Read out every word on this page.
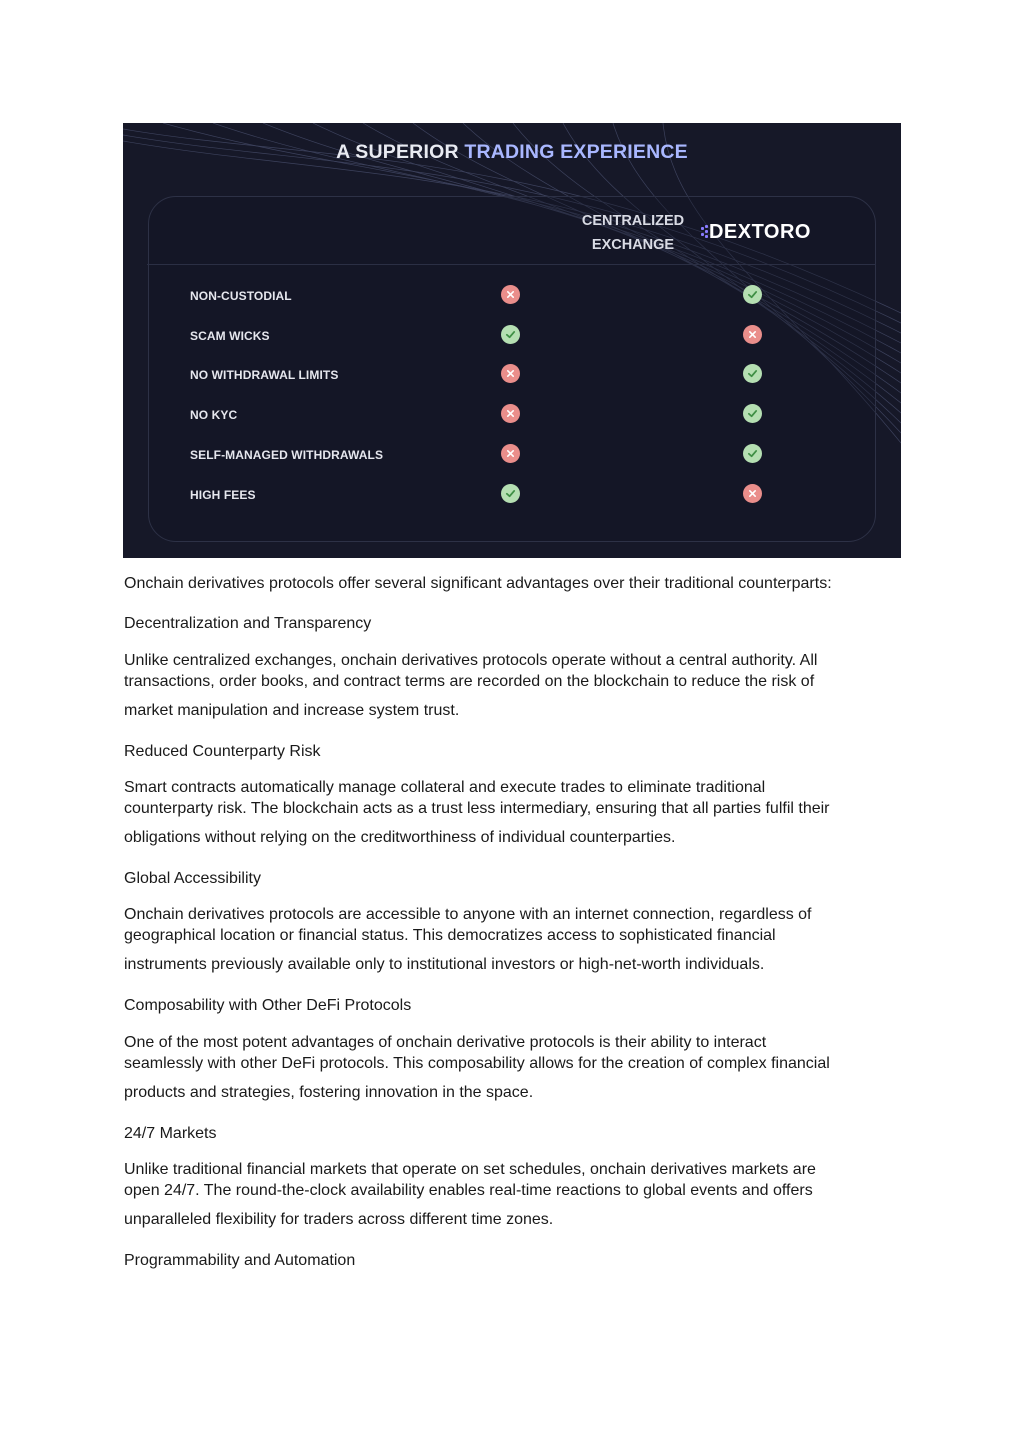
A SUPERIOR TRADING EXPERIENCE
CENTRALIZED
EXCHANGE
DEXTORO
NON-CUSTODIAL
SCAM WICKS
NO WITHDRAWAL LIMITS
NO KYC
SELF-MANAGED WITHDRAWALS
HIGH FEES
Onchain derivatives protocols offer several significant advantages over their traditional counterparts:
Decentralization and Transparency
Unlike centralized exchanges, onchain derivatives protocols operate without a central authority. All
transactions, order books, and contract terms are recorded on the blockchain to reduce the risk of
market manipulation and increase system trust.
Reduced Counterparty Risk
Smart contracts automatically manage collateral and execute trades to eliminate traditional
counterparty risk. The blockchain acts as a trust less intermediary, ensuring that all parties fulfil their
obligations without relying on the creditworthiness of individual counterparties.
Global Accessibility
Onchain derivatives protocols are accessible to anyone with an internet connection, regardless of
geographical location or financial status. This democratizes access to sophisticated financial
instruments previously available only to institutional investors or high-net-worth individuals.
Composability with Other DeFi Protocols
One of the most potent advantages of onchain derivative protocols is their ability to interact
seamlessly with other DeFi protocols. This composability allows for the creation of complex financial
products and strategies, fostering innovation in the space.
24/7 Markets
Unlike traditional financial markets that operate on set schedules, onchain derivatives markets are
open 24/7. The round-the-clock availability enables real-time reactions to global events and offers
unparalleled flexibility for traders across different time zones.
Programmability and Automation
